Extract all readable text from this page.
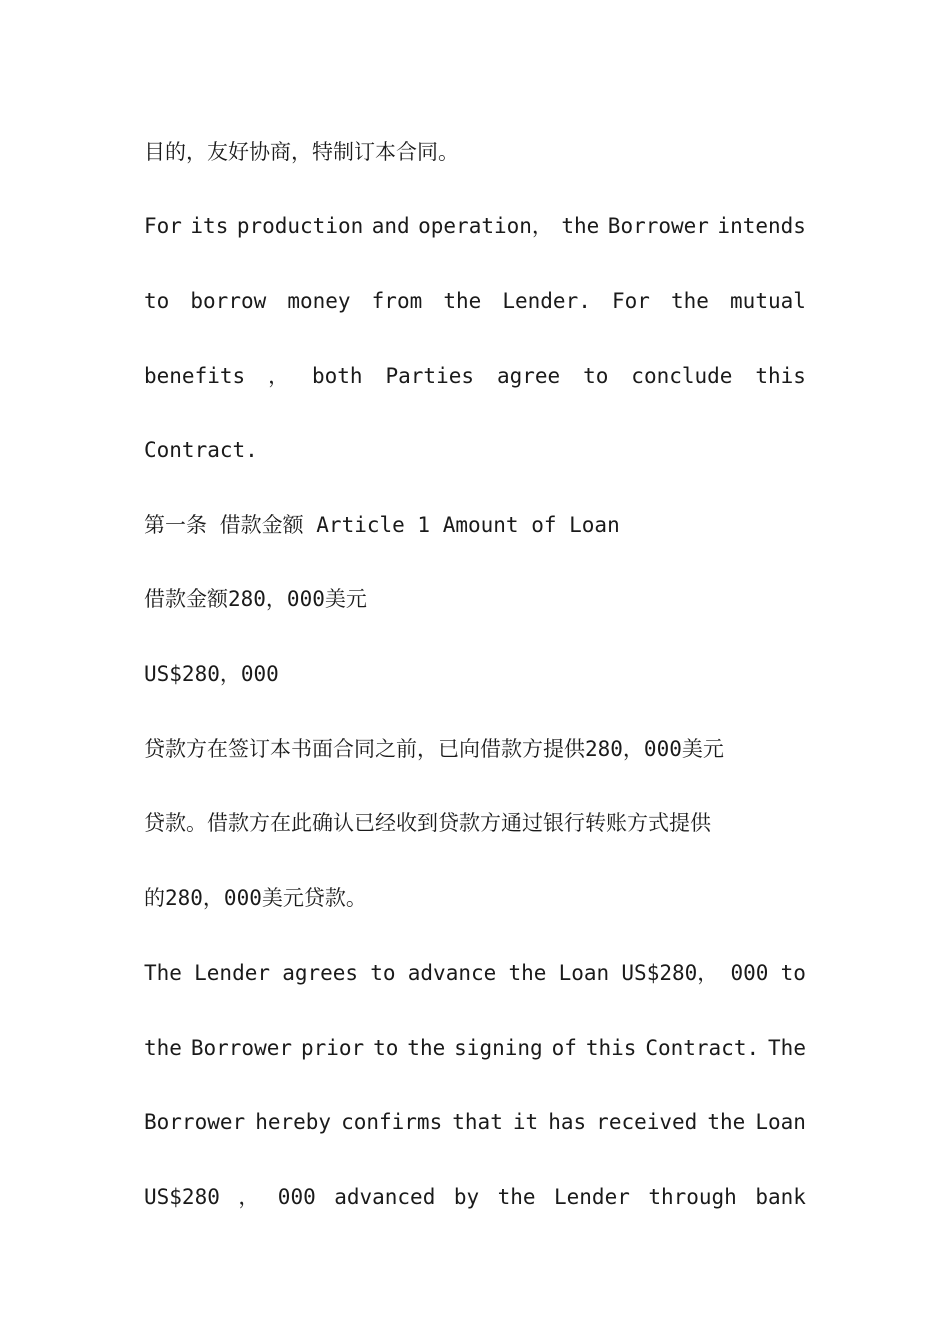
目的，友好协商，特制订本合同。
For its production and operation， the Borrower intends
to borrow money from the Lender. For the mutual
benefits ， both Parties agree to conclude this
Contract.
第一条 借款金额 Article 1 Amount of Loan
借款金额280，000美元
US$280，000
贷款方在签订本书面合同之前，已向借款方提供280，000美元
贷款。借款方在此确认已经收到贷款方通过银行转账方式提供
的280，000美元贷款。
The Lender agrees to advance the Loan US$280， 000 to
the Borrower prior to the signing of this Contract. The
Borrower hereby confirms that it has received the Loan
US$280 ， 000 advanced by the Lender through bank
